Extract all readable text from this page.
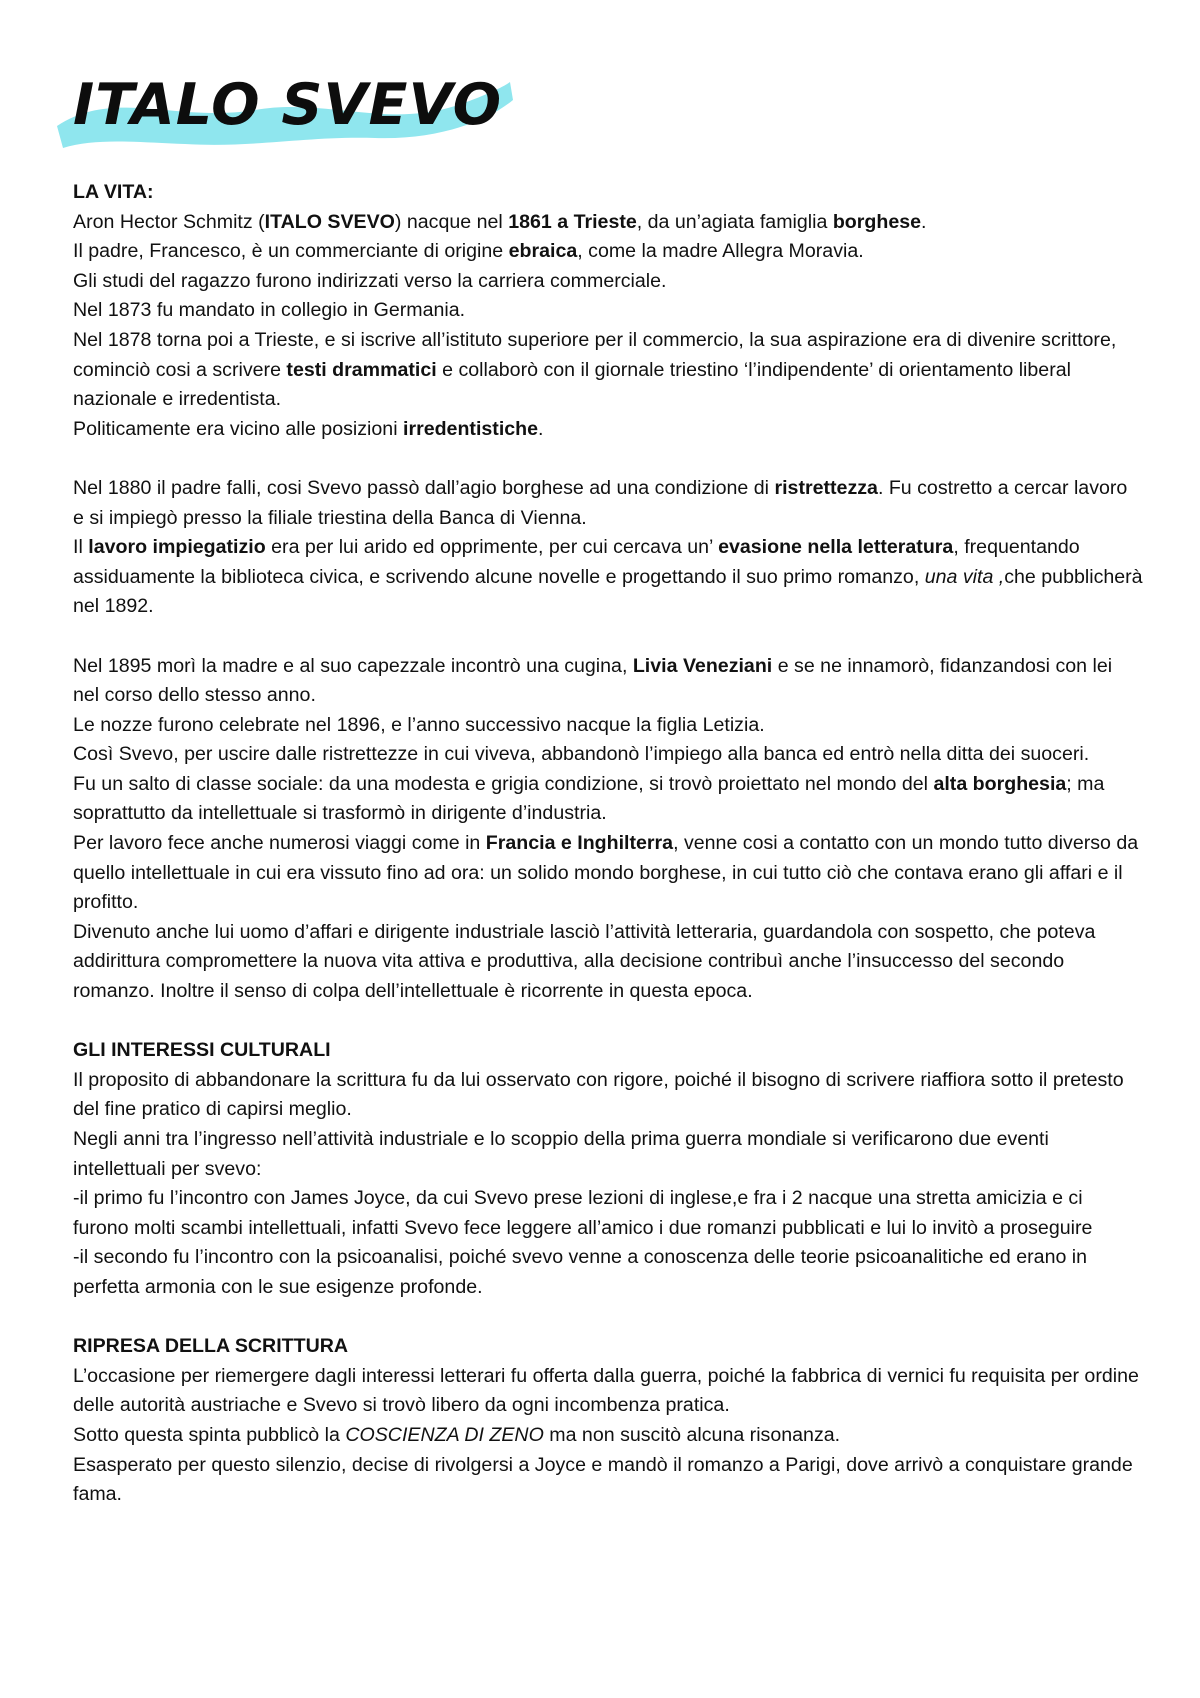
ITALO SVEVO

LA VITA:

Aron Hector Schmitz (ITALO SVEVO) nacque nel 1861 a Trieste, da un’agiata famiglia borghese.

Il padre, Francesco, è un commerciante di origine ebraica, come la madre Allegra Moravia.

Gli studi del ragazzo furono indirizzati verso la carriera commerciale.

Nel 1873 fu mandato in collegio in Germania.

Nel 1878 torna poi a Trieste, e si iscrive all’istituto superiore per il commercio, la sua aspirazione era di divenire scrittore, cominciò cosi a scrivere testi drammatici e collaborò con il giornale triestino ‘l’indipendente’ di orientamento liberal nazionale e irredentista.

Politicamente era vicino alle posizioni irredentistiche.

Nel 1880 il padre falli, cosi Svevo passò dall’agio borghese ad una condizione di ristrettezza. Fu costretto a cercar lavoro e si impiegò presso la filiale triestina della Banca di Vienna.

Il lavoro impiegatizio era per lui arido ed opprimente, per cui cercava un’ evasione nella letteratura, frequentando assiduamente la biblioteca civica, e scrivendo alcune novelle e progettando il suo primo romanzo, una vita ,che pubblicherà nel 1892.

Nel 1895 morì la madre e al suo capezzale incontrò una cugina, Livia Veneziani e se ne innamorò, fidanzandosi con lei nel corso dello stesso anno.

Le nozze furono celebrate nel 1896, e l’anno successivo nacque la figlia Letizia.

Così Svevo, per uscire dalle ristrettezze in cui viveva, abbandonò l’impiego alla banca ed entrò nella ditta dei suoceri.

Fu un salto di classe sociale: da una modesta e grigia condizione, si trovò proiettato nel mondo del alta borghesia; ma soprattutto da intellettuale si trasformò in dirigente d’industria.

Per lavoro fece anche numerosi viaggi come in Francia e Inghilterra, venne cosi a contatto con un mondo tutto diverso da quello intellettuale in cui era vissuto fino ad ora: un solido mondo borghese, in cui tutto ciò che contava erano gli affari e il profitto.

Divenuto anche lui uomo d’affari e dirigente industriale lasciò l’attività letteraria, guardandola con sospetto, che poteva addirittura compromettere la nuova vita attiva e produttiva, alla decisione contribuì anche l’insuccesso del secondo romanzo. Inoltre il senso di colpa dell’intellettuale è ricorrente in questa epoca.

GLI INTERESSI CULTURALI

Il proposito di abbandonare la scrittura fu da lui osservato con rigore, poiché il bisogno di scrivere riaffiora sotto il pretesto del fine pratico di capirsi meglio.

Negli anni tra l’ingresso nell’attività industriale e lo scoppio della prima guerra mondiale si verificarono due eventi intellettuali per svevo:

-il primo fu l’incontro con James Joyce, da cui Svevo prese lezioni di inglese,e fra i 2 nacque una stretta amicizia e ci furono molti scambi intellettuali, infatti Svevo fece leggere all’amico i due romanzi pubblicati e lui lo invitò a proseguire

-il secondo fu l’incontro con la psicoanalisi, poiché svevo venne a conoscenza delle teorie psicoanalitiche ed erano in perfetta armonia con le sue esigenze profonde.

RIPRESA DELLA SCRITTURA

L’occasione per riemergere dagli interessi letterari fu offerta dalla guerra, poiché la fabbrica di vernici fu requisita per ordine delle autorità austriache e Svevo si trovò libero da ogni incombenza pratica.

Sotto questa spinta pubblicò la COSCIENZA DI ZENO ma non suscitò alcuna risonanza.

Esasperato per questo silenzio, decise di rivolgersi a Joyce e mandò il romanzo a Parigi, dove arrivò a conquistare grande fama.
